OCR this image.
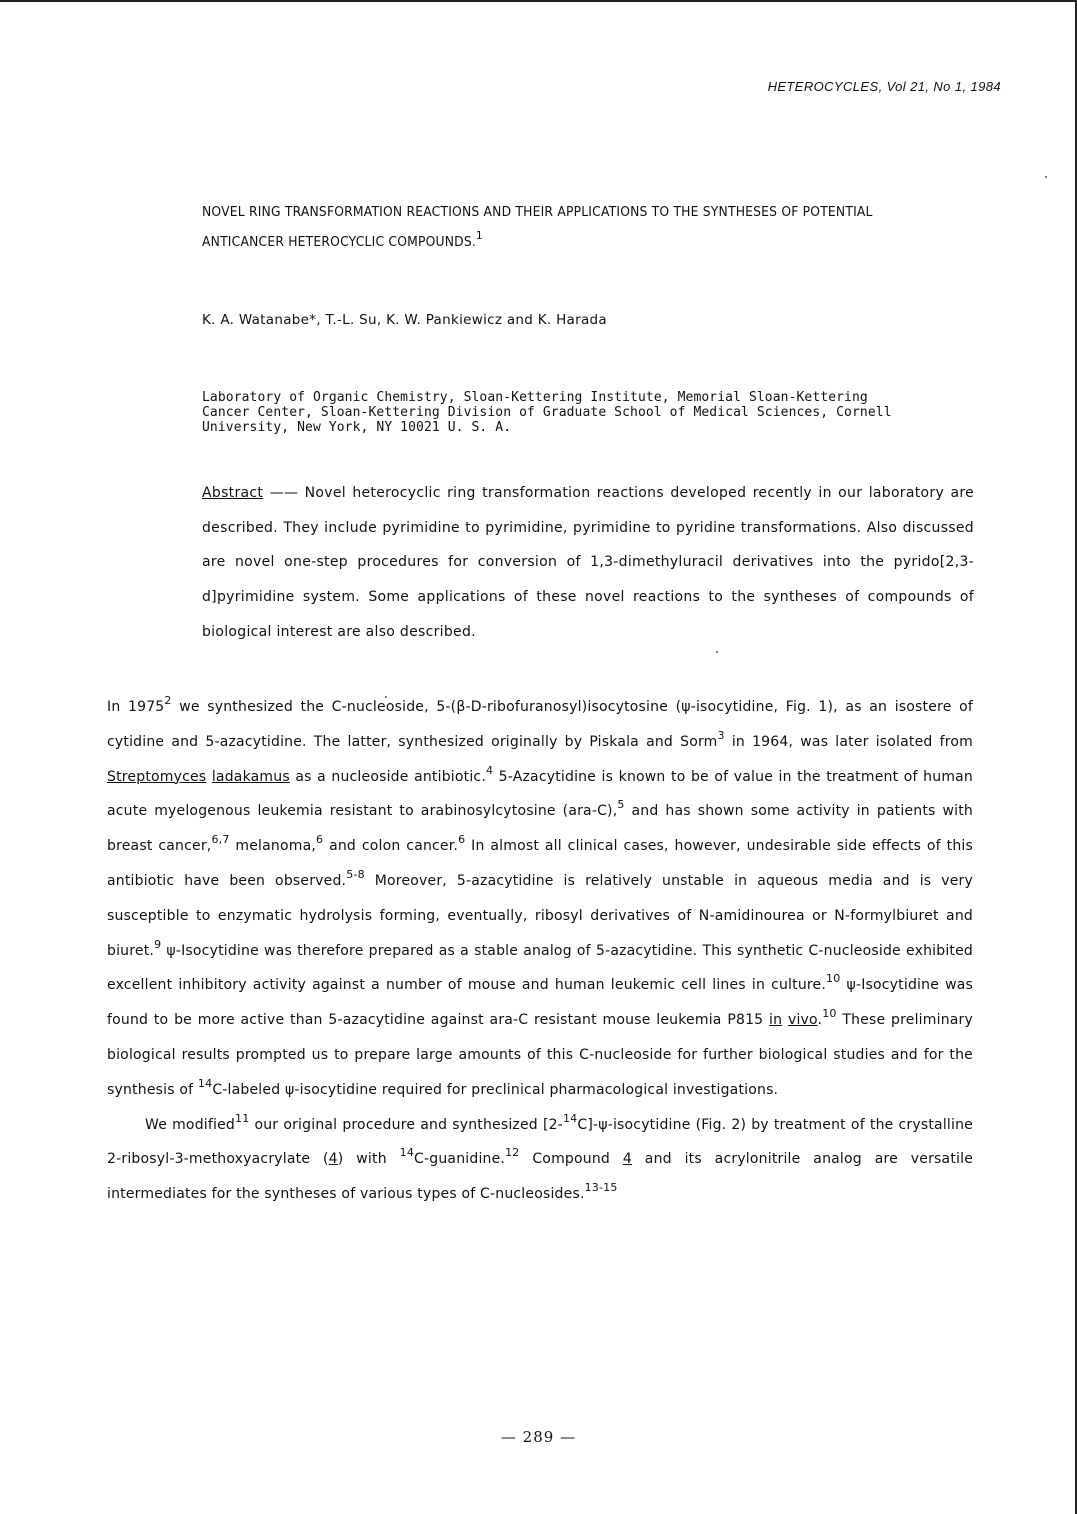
HETEROCYCLES, Vol 21, No 1, 1984
NOVEL RING TRANSFORMATION REACTIONS AND THEIR APPLICATIONS TO THE SYNTHESES OF POTENTIAL ANTICANCER HETEROCYCLIC COMPOUNDS.$^1$
K. A. Watanabe*, T.-L. Su, K. W. Pankiewicz and K. Harada
Laboratory of Organic Chemistry, Sloan-Kettering Institute, Memorial Sloan-Kettering
Cancer Center, Sloan-Kettering Division of Graduate School of Medical Sciences, Cornell
University, New York, NY 10021 U. S. A.
Abstract —— Novel heterocyclic ring transformation reactions developed recently in our laboratory are described. They include pyrimidine to pyrimidine, pyrimidine to pyridine transformations. Also discussed are novel one-step procedures for conversion of 1,3-dimethyluracil derivatives into the pyrido[2,3-d]pyrimidine system. Some applications of these novel reactions to the syntheses of compounds of biological interest are also described.

In 1975$^2$ we synthesized the C-nucleoside, 5-(β-D-ribofuranosyl)isocytosine (ψ-isocytidine, Fig. 1), as an isostere of cytidine and 5-azacytidine. The latter, synthesized originally by Piskala and Sorm$^3$ in 1964, was later isolated from Streptomyces ladakamus as a nucleoside antibiotic.$^4$ 5-Azacytidine is known to be of value in the treatment of human acute myelogenous leukemia resistant to arabinosylcytosine (ara-C),$^5$ and has shown some activity in patients with breast cancer,$^{6,7}$ melanoma,$^6$ and colon cancer.$^6$ In almost all clinical cases, however, undesirable side effects of this antibiotic have been observed.$^{5-8}$ Moreover, 5-azacytidine is relatively unstable in aqueous media and is very susceptible to enzymatic hydrolysis forming, eventually, ribosyl derivatives of N-amidinourea or N-formylbiuret and biuret.$^9$ ψ-Isocytidine was therefore prepared as a stable analog of 5-azacytidine. This synthetic C-nucleoside exhibited excellent inhibitory activity against a number of mouse and human leukemic cell lines in culture.$^{10}$ ψ-Isocytidine was found to be more active than 5-azacytidine against ara-C resistant mouse leukemia P815 in vivo.$^{10}$ These preliminary biological results prompted us to prepare large amounts of this C-nucleoside for further biological studies and for the synthesis of $^{14}$C-labeled ψ-isocytidine required for preclinical pharmacological investigations.

We modified$^{11}$ our original procedure and synthesized [2-$^{14}$C]-ψ-isocytidine (Fig. 2) by treatment of the crystalline 2-ribosyl-3-methoxyacrylate (4) with $^{14}$C-guanidine.$^{12}$ Compound 4 and its acrylonitrile analog are versatile intermediates for the syntheses of various types of C-nucleosides.$^{13-15}$

— 289 —
